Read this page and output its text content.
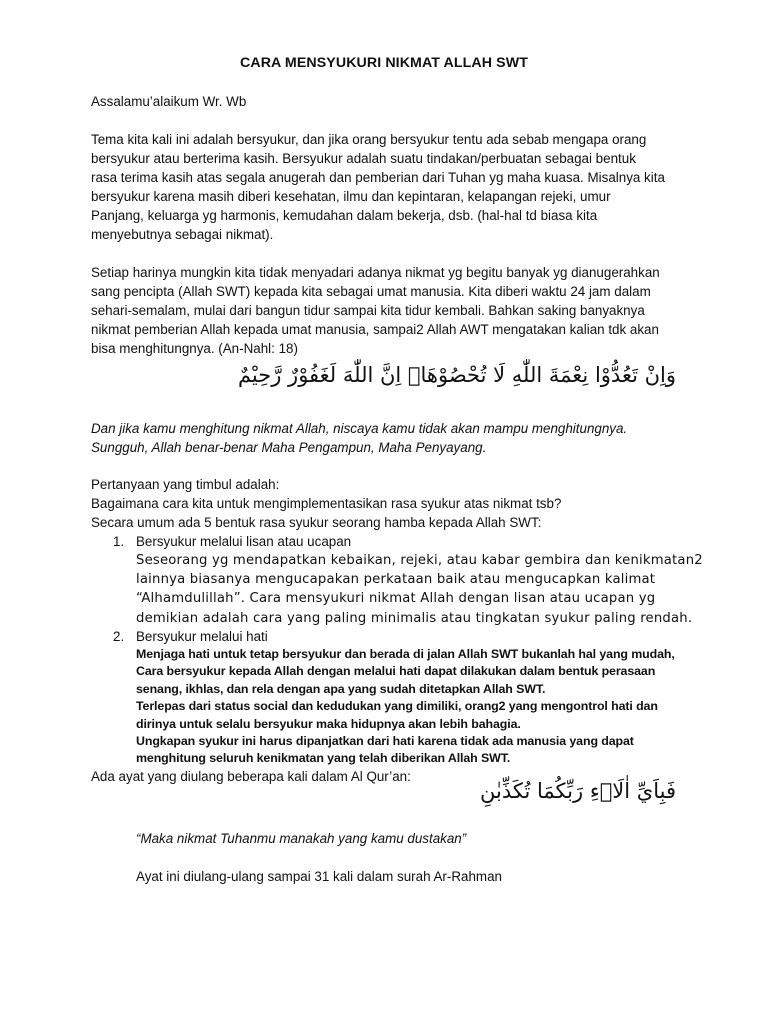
CARA MENSYUKURI NIKMAT ALLAH SWT
Assalamu’alaikum Wr. Wb
Tema kita kali ini adalah bersyukur, dan jika orang bersyukur tentu ada sebab mengapa orang
bersyukur atau berterima kasih. Bersyukur adalah suatu tindakan/perbuatan sebagai bentuk
rasa terima kasih atas segala anugerah dan pemberian dari Tuhan yg maha kuasa. Misalnya kita
bersyukur karena masih diberi kesehatan, ilmu dan kepintaran, kelapangan rejeki, umur
Panjang, keluarga yg harmonis, kemudahan dalam bekerja, dsb. (hal-hal td biasa kita
menyebutnya sebagai nikmat).
Setiap harinya mungkin kita tidak menyadari adanya nikmat yg begitu banyak yg dianugerahkan
sang pencipta (Allah SWT) kepada kita sebagai umat manusia. Kita diberi waktu 24 jam dalam
sehari-semalam, mulai dari bangun tidur sampai kita tidur kembali. Bahkan saking banyaknya
nikmat pemberian Allah kepada umat manusia, sampai2 Allah AWT mengatakan kalian tdk akan
bisa menghitungnya. (An-Nahl: 18)
وَاِنْ تَعُدُّوْا نِعْمَةَ اللّٰهِ لَا تُحْصُوْهَاۗ اِنَّ اللّٰهَ لَغَفُوْرٌ رَّحِيْمٌ
Dan jika kamu menghitung nikmat Allah, niscaya kamu tidak akan mampu menghitungnya.
Sungguh, Allah benar-benar Maha Pengampun, Maha Penyayang.
Pertanyaan yang timbul adalah:
Bagaimana cara kita untuk mengimplementasikan rasa syukur atas nikmat tsb?
Secara umum ada 5 bentuk rasa syukur seorang hamba kepada Allah SWT:
1. Bersyukur melalui lisan atau ucapan
Seseorang yg mendapatkan kebaikan, rejeki, atau kabar gembira dan kenikmatan2
lainnya biasanya mengucapakan perkataan baik atau mengucapkan kalimat
“Alhamdulillah”. Cara mensyukuri nikmat Allah dengan lisan atau ucapan yg
demikian adalah cara yang paling minimalis atau tingkatan syukur paling rendah.
2. Bersyukur melalui hati
Menjaga hati untuk tetap bersyukur dan berada di jalan Allah SWT bukanlah hal yang mudah,
Cara bersyukur kepada Allah dengan melalui hati dapat dilakukan dalam bentuk perasaan
senang, ikhlas, dan rela dengan apa yang sudah ditetapkan Allah SWT.
Terlepas dari status social dan kedudukan yang dimiliki, orang2 yang mengontrol hati dan
dirinya untuk selalu bersyukur maka hidupnya akan lebih bahagia.
Ungkapan syukur ini harus dipanjatkan dari hati karena tidak ada manusia yang dapat
menghitung seluruh kenikmatan yang telah diberikan Allah SWT.
Ada ayat yang diulang beberapa kali dalam Al Qur’an:
فَبِاَيِّ اٰلَاۤءِ رَبِّكُمَا تُكَذِّبٰنِ
“Maka nikmat Tuhanmu manakah yang kamu dustakan”
Ayat ini diulang-ulang sampai 31 kali dalam surah Ar-Rahman
